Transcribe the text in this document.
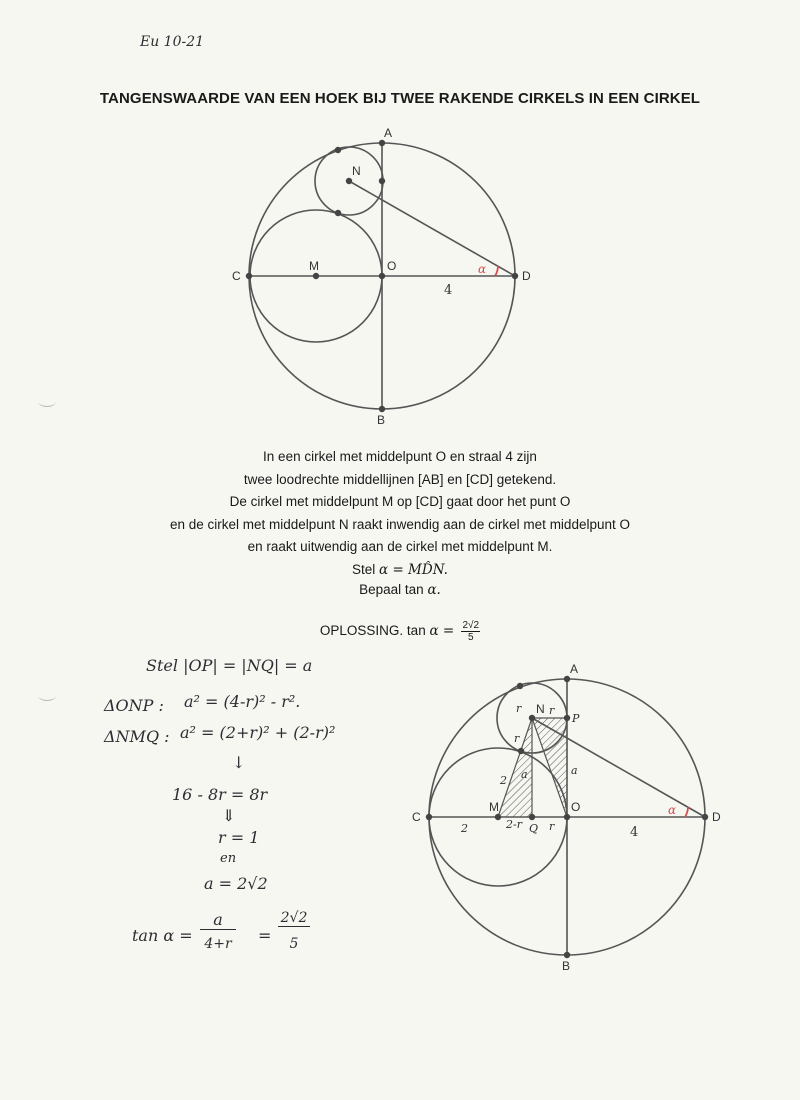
Eu 10-21
TANGENSWAARDE VAN EEN HOEK BIJ TWEE RAKENDE CIRKELS IN EEN CIRKEL
A
B
C	D
O
M
N
4
α
In een cirkel met middelpunt O en straal 4 zijn
twee loodrechte middellijnen [AB] en [CD] getekend.
De cirkel met middelpunt M op [CD] gaat door het punt O
en de cirkel met middelpunt N raakt inwendig aan de cirkel met middelpunt O
en raakt uitwendig aan de cirkel met middelpunt M.
Stel α = MD̂N.
Bepaal tan α.
OPLOSSING. $\tan \alpha = \frac{2√2}{5}$
Stel |OP| = |NQ| = a
ΔONP : a² = (4-r)² - r².
ΔNMQ : a² = (2+r)² + (2-r)²
↓
16 - 8r = 8r
⇓
r = 1
en
a = 2√2
tan α =
a
4+r =
2√2
5
A
B
C	D
O
M
N
P
Q	4
α
2	2-r r
r
r
r
2 a	a
